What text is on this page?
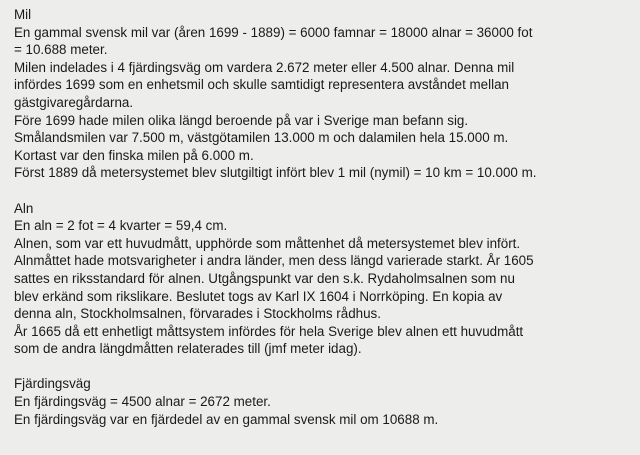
Mil
En gammal svensk mil var (åren 1699 - 1889) = 6000 famnar = 18000 alnar = 36000 fot
= 10.688 meter.
Milen indelades i 4 fjärdingsväg om vardera 2.672 meter eller 4.500 alnar. Denna mil
infördes 1699 som en enhetsmil och skulle samtidigt representera avståndet mellan
gästgivaregårdarna.
Före 1699 hade milen olika längd beroende på var i Sverige man befann sig.
Smålandsmilen var 7.500 m, västgötamilen 13.000 m och dalamilen hela 15.000 m.
Kortast var den finska milen på 6.000 m.
Först 1889 då metersystemet blev slutgiltigt infört blev 1 mil (nymil) = 10 km = 10.000 m.
Aln
En aln = 2 fot = 4 kvarter = 59,4 cm.
Alnen, som var ett huvudmått, upphörde som måttenhet då metersystemet blev infört.
Alnmåttet hade motsvarigheter i andra länder, men dess längd varierade starkt. År 1605
sattes en riksstandard för alnen. Utgångspunkt var den s.k. Rydaholmsalnen som nu
blev erkänd som rikslikare. Beslutet togs av Karl IX 1604 i Norrköping. En kopia av
denna aln, Stockholmsalnen, förvarades i Stockholms rådhus.
År 1665 då ett enhetligt måttsystem infördes för hela Sverige blev alnen ett huvudmått
som de andra längdmåtten relaterades till (jmf meter idag).
Fjärdingsväg
En fjärdingsväg = 4500 alnar = 2672 meter.
En fjärdingsväg var en fjärdedel av en gammal svensk mil om 10688 m.
